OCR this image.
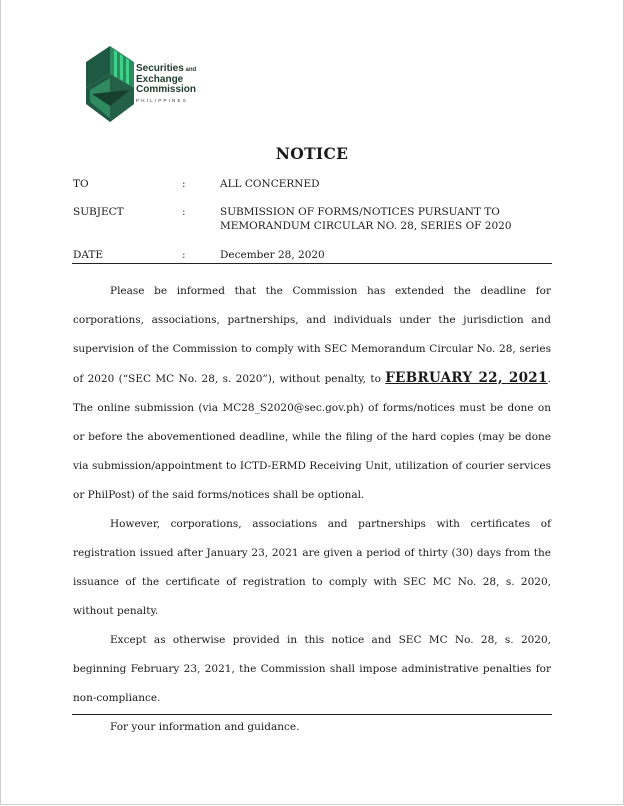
Securities and
Exchange
Commission
PHILIPPINES
NOTICE
TO	:	ALL CONCERNED
SUBJECT	:	SUBMISSION OF FORMS/NOTICES PURSUANT TO
MEMORANDUM CIRCULAR NO. 28, SERIES OF 2020
DATE	:	December 28, 2020

Please be informed that the Commission has extended the deadline for corporations, associations, partnerships, and individuals under the jurisdiction and supervision of the Commission to comply with SEC Memorandum Circular No. 28, series of 2020 (“SEC MC No. 28, s. 2020”), without penalty, to FEBRUARY 22, 2021. The online submission (via MC28_S2020@sec.gov.ph) of forms/notices must be done on or before the abovementioned deadline, while the filing of the hard copies (may be done via submission/appointment to ICTD-ERMD Receiving Unit, utilization of courier services or PhilPost) of the said forms/notices shall be optional.

However, corporations, associations and partnerships with certificates of registration issued after January 23, 2021 are given a period of thirty (30) days from the issuance of the certificate of registration to comply with SEC MC No. 28, s. 2020, without penalty.

Except as otherwise provided in this notice and SEC MC No. 28, s. 2020, beginning February 23, 2021, the Commission shall impose administrative penalties for non-compliance.

For your information and guidance.
